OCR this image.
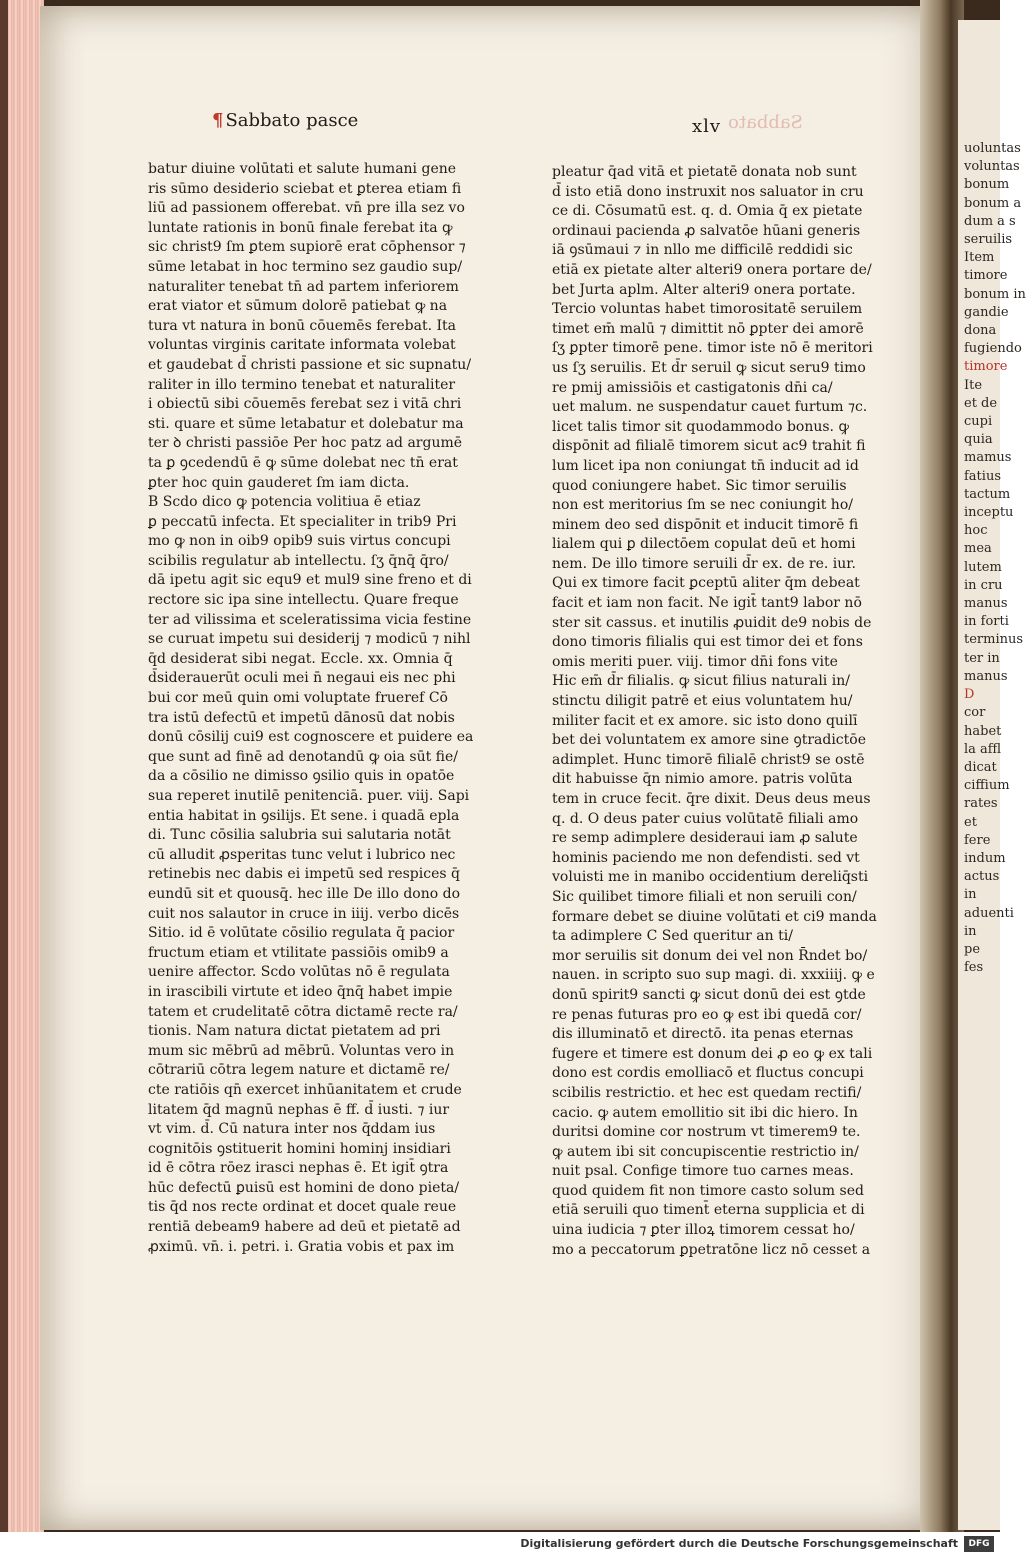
uoluntas
voluntas
bonum
bonum a
dum a s
seruilis
Item
timore
bonum in
gandie
dona
fugiendo
timore
Ite
et de
cupi
quia
mamus
fatius
tactum
inceptu
hoc
mea
lutem
in cru
manus
in forti
terminus
ter in
manus
D
cor
habet
la affl
dicat
ciffium
rates
et
fere
indum
actus
in
aduenti
in
pe
fes
¶ Sabbato pasce	xlv Sabbato
batur diuine volūtati et salute humani gene
ris sūmo desiderio sciebat et ꝑterea etiam fi
liū ad passionem offerebat. vn̄ pre illa sez vo
luntate rationis in bonū finale ferebat ita ꝙ
sic christ9 ſm ꝑtem supiorē erat cōphensor ⁊
sūme letabat in hoc termino sez gaudio sup/
naturaliter tenebat tn̄ ad partem inferiorem
erat viator et sūmum dolorē patiebat ꝙ na
tura vt natura in bonū cōuemēs ferebat. Ita
voluntas virginis caritate informata volebat
et gaudebat d̄ christi passione et sic supnatu/
raliter in illo termino tenebat et naturaliter
i obiectū sibi cōuemēs ferebat sez i vitā chri
sti. quare et sūme letabatur et dolebatur ma
ter ꝺ christi passiōe Per hoc patz ad argumē
ta ꝑ ꝯcedendū ē ꝙ sūme dolebat nec tn̄ erat
ꝑter hoc quin gauderet ſm iam dicta.
B Scdo dico ꝙ potencia volitiua ē etiaz
ꝑ peccatū infecta. Et specialiter in trib9 Pri
mo ꝙ non in oib9 opib9 suis virtus concupi
scibilis regulatur ab intellectu. ſʒ q̄nq̄ q̄ro/
dā ipetu agit sic equ9 et mul9 sine freno et di
rectore sic ipa sine intellectu. Quare freque
ter ad vilissima et sceleratissima vicia festine
se curuat impetu sui desiderij ⁊ modicū ⁊ nihl
q̄d desiderat sibi negat. Eccle. xx. Omnia q̄
d̄siderauerūt oculi mei n̄ negaui eis nec phi
bui cor meū quin omi voluptate frueref Cō
tra istū defectū et impetū dānosū dat nobis
donū cōsilij cui9 est cognoscere et puidere ea
que sunt ad finē ad denotandū ꝙ oia sūt fie/
da a cōsilio ne dimisso ꝯsilio quis in opatōe
sua reperet inutilē penitenciā. puer. viij. Sapi
entia habitat in ꝯsilijs. Et sene. i quadā epla
di. Tunc cōsilia salubria sui salutaria notāt
cū alludit ꝓsperitas tunc velut i lubrico nec
retinebis nec dabis ei impetū sed respices q̄
eundū sit et quousq̄. hec ille De illo dono do
cuit nos salautor in cruce in iiij. verbo dicēs
Sitio. id ē volūtate cōsilio regulata q̄ pacior
fructum etiam et vtilitate passiōis omib9 a
uenire affector. Scdo volūtas nō ē regulata
in irascibili virtute et ideo q̄nq̄ habet impie
tatem et crudelitatē cōtra dictamē recte ra/
tionis. Nam natura dictat pietatem ad pri
mum sic mēbrū ad mēbrū. Voluntas vero in
cōtrariū cōtra legem nature et dictamē re/
cte ratiōis qn̄ exercet inhūanitatem et crude
litatem q̄d magnū nephas ē ff. d̄ iusti. ⁊ iur
vt vim. d̄. Cū natura inter nos q̄ddam ius
cognitōis ꝯstituerit homini hominj insidiari
id ē cōtra rōez irasci nephas ē. Et igit̄ ꝯtra
hūc defectū ꝑuisū est homini de dono pieta/
tis q̄d nos recte ordinat et docet quale reue
rentiā debeam9 habere ad deū et pietatē ad
ꝓximū. vn̄. i. petri. i. Gratia vobis et pax im
pleatur q̄ad vitā et pietatē donata nob sunt
d̄ isto etiā dono instruxit nos saluator in cru
ce di. Cōsumatū est. q. d. Omia q̄ ex pietate
ordinaui pacienda ꝓ salvatōe hūani generis
iā ꝯsūmaui ⁊ in nllo me difficilē reddidi sic
etiā ex pietate alter alteri9 onera portare de/
bet Jurta aplm. Alter alteri9 onera portate.
Tercio voluntas habet timorositatē seruilem
timet em̄ malū ⁊ dimittit nō ꝑpter dei amorē
ſʒ ꝑpter timorē pene. timor iste nō ē meritori
us ſʒ seruilis. Et d̄r seruil ꝙ sicut seru9 timo
re pmij amissiōis et castigatonis dn̄i ca/
uet malum. ne suspendatur cauet furtum ⁊c.
licet talis timor sit quodammodo bonus. ꝙ
dispōnit ad filialē timorem sicut ac9 trahit fi
lum licet ipa non coniungat tn̄ inducit ad id
quod coniungere habet. Sic timor seruilis
non est meritorius ſm se nec coniungit ho/
minem deo sed dispōnit et inducit timorē fi
lialem qui ꝑ dilectōem copulat deū et homi
nem. De illo timore seruili d̄r ex. de re. iur.
Qui ex timore facit ꝑceptū aliter q̄m debeat
facit et iam non facit. Ne igit̄ tant9 labor nō
ster sit cassus. et inutilis ꝓuidit de9 nobis de
dono timoris filialis qui est timor dei et fons
omis meriti puer. viij. timor dn̄i fons vite
Hic em̄ d̄r filialis. ꝙ sicut filius naturali in/
stinctu diligit patrē et eius voluntatem hu/
militer facit et ex amore. sic isto dono quilī
bet dei voluntatem ex amore sine ꝯtradictōe
adimplet. Hunc timorē filialē christ9 se ostē
dit habuisse q̄n nimio amore. patris volūta
tem in cruce fecit. q̄re dixit. Deus deus meus
q. d. O deus pater cuius volūtatē filiali amo
re semp adimplere desideraui iam ꝓ salute
hominis paciendo me non defendisti. sed vt
voluisti me in manibo occidentium dereliq̄sti
Sic quilibet timore filiali et non seruili con/
formare debet se diuine volūtati et ci9 manda
ta adimplere C Sed queritur an ti/
mor seruilis sit donum dei vel non R̄ndet bo/
nauen. in scripto suo sup magi. di. xxxiiij. ꝙ e
donū spirit9 sancti ꝙ sicut donū dei est ꝯtde
re penas futuras pro eo ꝙ est ibi quedā cor/
dis illuminatō et directō. ita penas eternas
fugere et timere est donum dei ꝓ eo ꝙ ex tali
dono est cordis emolliacō et fluctus concupi
scibilis restrictio. et hec est quedam rectifi/
cacio. ꝙ autem emollitio sit ibi dic hiero. In
duritsi domine cor nostrum vt timerem9 te.
ꝙ autem ibi sit concupiscentie restrictio in/
nuit psal. Confige timore tuo carnes meas.
quod quidem fit non timore casto solum sed
etiā seruili quo timent̄ eterna supplicia et di
uina iudicia ⁊ ꝑter illoꝝ timorem cessat ho/
mo a peccatorum ꝑpetratōne licz nō cesset a
Digitalisierung gefördert durch die Deutsche Forschungsgemeinschaft	DFG
